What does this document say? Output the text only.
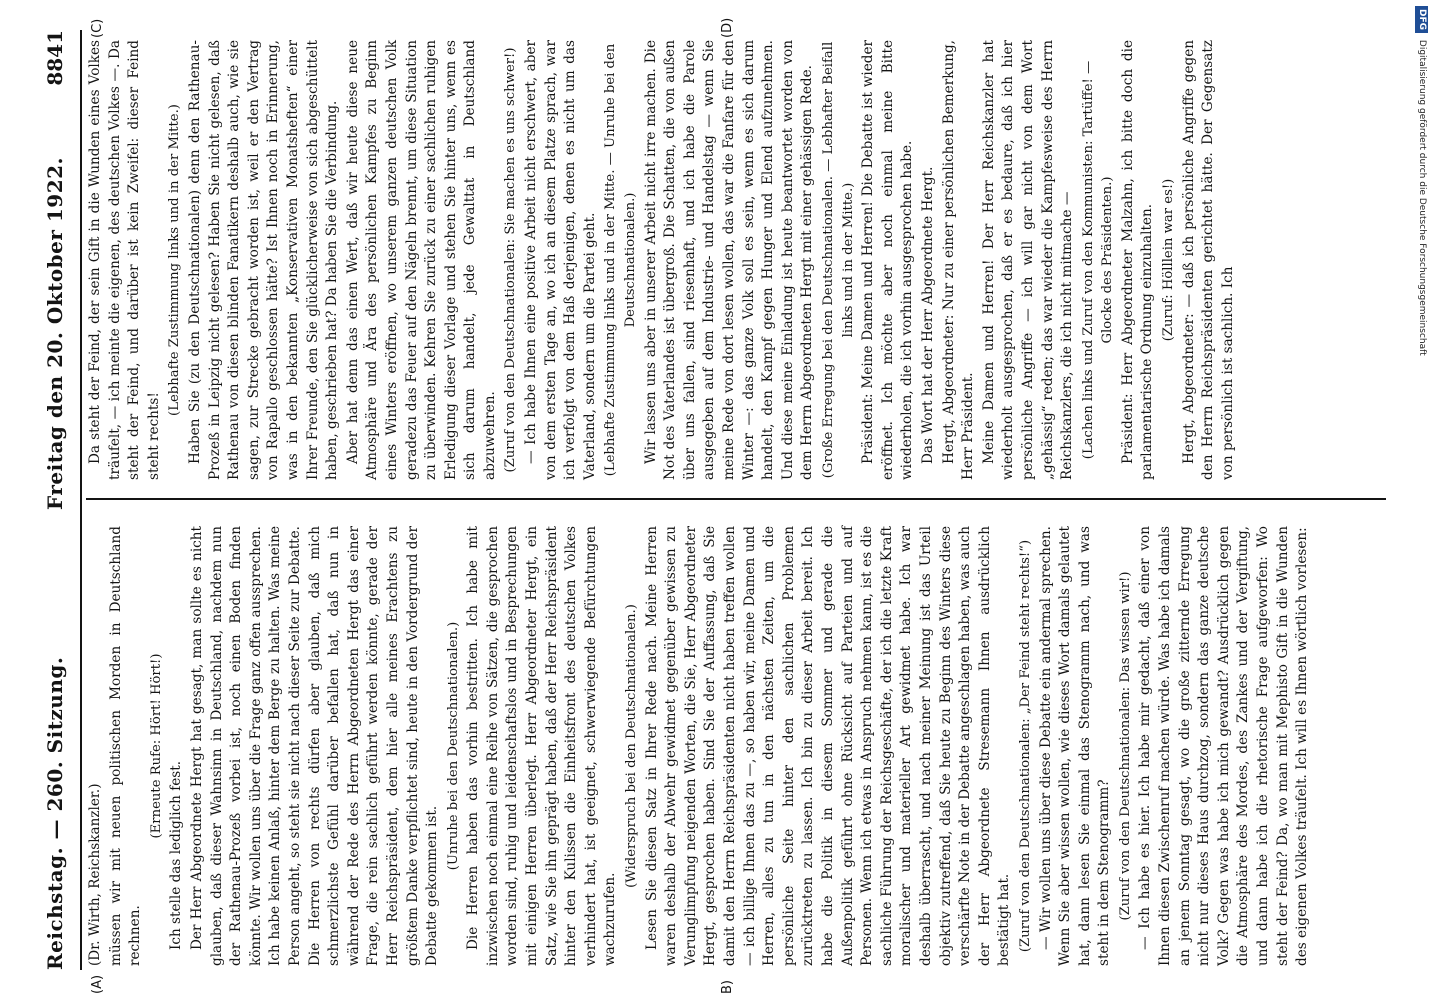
Reichstag. — 260. Sitzung.
Freitag den 20. Oktober 1922.
8841
(A)	B)
(C)	(D)

(Dr. Wirth, Reichskanzler.) müssen wir mit neuen politischen Morden in Deutschland rechnen.

(Erneute Rufe: Hört! Hört!)

Ich stelle das lediglich fest. Der Herr Abgeordnete Hergt hat gesagt, man sollte es nicht glauben, daß dieser Wahnsinn in Deutschland, nachdem nun der Rathenau-Prozeß vorbei ist, noch einen Boden finden könnte. Wir wollen uns über die Frage ganz offen aussprechen. Ich habe keinen Anlaß, hinter dem Berge zu halten. Was meine Person angeht, so steht sie nicht nach dieser Seite zur Debatte. Die Herren von rechts dürfen aber glauben, daß mich schmerzlichste Gefühl darüber befallen hat, daß nun in während der Rede des Herrn Abgeordneten Hergt das einer Frage, die rein sachlich geführt werden könnte, gerade der Herr Reichspräsident, dem hier alle meines Erachtens zu größtem Danke verpflichtet sind, heute in den Vordergrund der Debatte gekommen ist.

(Unruhe bei den Deutschnationalen.) Die Herren haben das vorhin bestritten. Ich habe mit inzwischen noch einmal eine Reihe von Sätzen, die gesprochen worden sind, ruhig und leidenschaftslos und in Besprechungen mit einigen Herren überlegt. Herr Abgeordneter Hergt, ein Satz, wie Sie ihn geprägt haben, daß der Herr Reichspräsident hinter den Kulissen die Einheitsfront des deutschen Volkes verhindert hat, ist geeignet, schwerwiegende Befürchtungen wachzurufen.

(Widerspruch bei den Deutschnationalen.) Lesen Sie diesen Satz in Ihrer Rede nach. Meine Herren waren deshalb der Abwehr gewidmet gegenüber gewissen zu Verunglimpfung neigenden Worten, die Sie, Herr Abgeordneter Hergt, gesprochen haben. Sind Sie der Auffassung, daß Sie damit den Herrn Reichspräsidenten nicht haben treffen wollen — ich billige Ihnen das zu —, so haben wir, meine Damen und Herren, alles zu tun in den nächsten Zeiten, um die persönliche Seite hinter den sachlichen Problemen zurücktreten zu lassen. Ich bin zu dieser Arbeit bereit. Ich habe die Politik in diesem Sommer und gerade die Außenpolitik geführt ohne Rücksicht auf Parteien und auf Personen. Wenn ich etwas in Anspruch nehmen kann, ist es die sachliche Führung der Reichsgeschäfte, der ich die letzte Kraft moralischer und materieller Art gewidmet habe. Ich war deshalb überrascht, und nach meiner Meinung ist das Urteil objektiv zutreffend, daß Sie heute zu Beginn des Winters diese verschärfte Note in der Debatte angeschlagen haben, was auch der Herr Abgeordnete Stresemann Ihnen ausdrücklich bestätigt hat. (Zuruf von den Deutschnationalen: „Der Feind steht rechts!“) — Wir wollen uns über diese Debatte ein andermal sprechen. Wenn Sie aber wissen wollen, wie dieses Wort damals gelautet hat, dann lesen Sie einmal das Stenogramm nach, und was steht in dem Stenogramm? (Zuruf von den Deutschnationalen: Das wissen wir!) — Ich habe es hier. Ich habe mir gedacht, daß einer von Ihnen diesen Zwischenruf machen würde. Was habe ich damals an jenem Sonntag gesagt, wo die große zitternde Erregung nicht nur dieses Haus durchzog, sondern das ganze deutsche Volk? Gegen was habe ich mich gewandt? Ausdrücklich gegen die Atmosphäre des Mordes, des Zankes und der Vergiftung, und dann habe ich die rhetorische Frage aufgeworfen: Wo steht der Feind? Da, wo man mit Mephisto Gift in die Wunden des eigenen Volkes träufelt. Ich will es Ihnen wörtlich vorlesen:

Da steht der Feind, der sein Gift in die Wunden eines Volkes träufelt, — ich meinte die eigenen, des deutschen Volkes —. Da steht der Feind, und darüber ist kein Zweifel: dieser Feind steht rechts!

(Lebhafte Zustimmung links und in der Mitte.) Haben Sie (zu den Deutschnationalen) denn den Rathenau-Prozeß in Leipzig nicht gelesen? Haben Sie nicht gelesen, daß Rathenau von diesen blinden Fanatikern deshalb auch, wie sie sagen, zur Strecke gebracht worden ist, weil er den Vertrag von Rapallo geschlossen hätte? Ist Ihnen noch in Erinnerung, was in den bekannten „Konservativen Monatsheften“ einer Ihrer Freunde, den Sie glücklicherweise von sich abgeschüttelt haben, geschrieben hat? Da haben Sie die Verbindung. Aber hat denn das einen Wert, daß wir heute diese neue Atmosphäre und Ära des persönlichen Kampfes zu Beginn eines Winters eröffnen, wo unserem ganzen deutschen Volk geradezu das Feuer auf den Nägeln brennt, um diese Situation zu überwinden. Kehren Sie zurück zu einer sachlichen ruhigen Erledigung dieser Vorlage und stehen Sie hinter uns, wenn es sich darum handelt, jede Gewalttat in Deutschland abzuwehren. (Zuruf von den Deutschnationalen: Sie machen es uns schwer!) — Ich habe Ihnen eine positive Arbeit nicht erschwert, aber von dem ersten Tage an, wo ich an diesem Platze sprach, war ich verfolgt von dem Haß derjenigen, denen es nicht um das Vaterland, sondern um die Partei geht. (Lebhafte Zustimmung links und in der Mitte. — Unruhe bei den Deutschnationalen.) Wir lassen uns aber in unserer Arbeit nicht irre machen. Die Not des Vaterlandes ist übergroß. Die Schatten, die von außen über uns fallen, sind riesenhaft, und ich habe die Parole ausgegeben auf dem Industrie- und Handelstag — wenn Sie meine Rede von dort lesen wollen, das war die Fanfare für den Winter —: das ganze Volk soll es sein, wenn es sich darum handelt, den Kampf gegen Hunger und Elend aufzunehmen. Und diese meine Einladung ist heute beantwortet worden von dem Herrn Abgeordneten Hergt mit einer gehässigen Rede. (Große Erregung bei den Deutschnationalen. — Lebhafter Beifall links und in der Mitte.) Präsident: Meine Damen und Herren! Die Debatte ist wieder eröffnet. Ich möchte aber noch einmal meine Bitte wiederholen, die ich vorhin ausgesprochen habe. Das Wort hat der Herr Abgeordnete Hergt. Hergt, Abgeordneter: Nur zu einer persönlichen Bemerkung, Herr Präsident. Meine Damen und Herren! Der Herr Reichskanzler hat wiederholt ausgesprochen, daß er es bedaure, daß ich hier persönliche Angriffe — ich will gar nicht von dem Wort „gehässig“ reden; das war wieder die Kampfesweise des Herrn Reichskanzlers, die ich nicht mitmache — (Lachen links und Zuruf von den Kommunisten: Tartüffe! — Glocke des Präsidenten.) Präsident: Herr Abgeordneter Malzahn, ich bitte doch die parlamentarische Ordnung einzuhalten. (Zuruf: Hölllein war es!) Hergt, Abgeordneter: — daß ich persönliche Angriffe gegen den Herrn Reichspräsidenten gerichtet hätte. Der Gegensatz von persönlich ist sachlich. Ich

DFG Digitalisierung gefördert durch die Deutsche Forschungsgemeinschaft
